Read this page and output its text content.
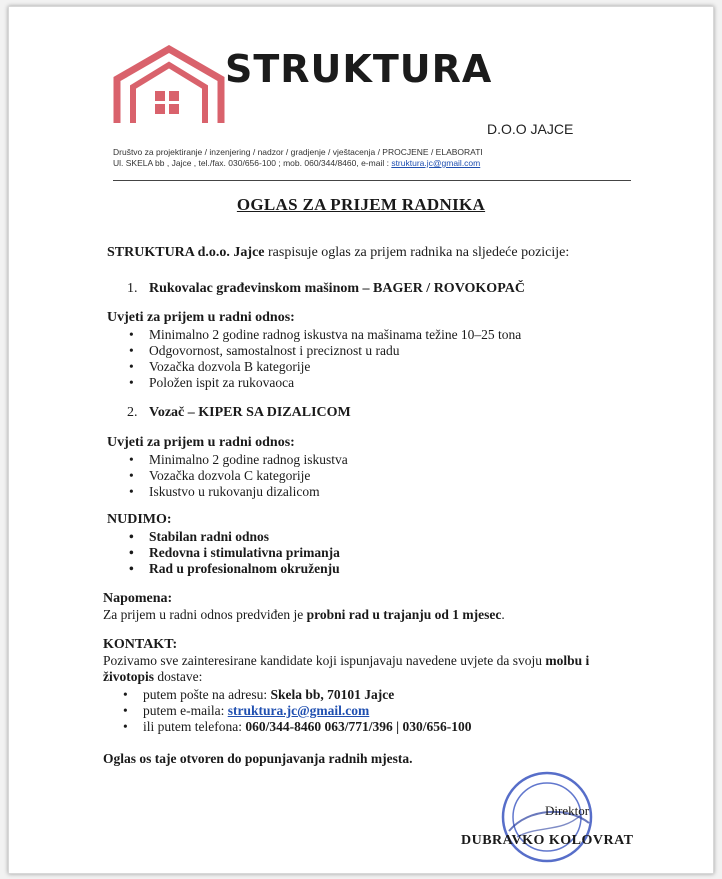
STRUKTURA
D.O.O JAJCE
Društvo za projektiranje / inzenjering / nadzor / gradjenje / vještacenja / PROCJENE / ELABORATI
Ul. SKELA bb , Jajce , tel./fax. 030/656-100 ; mob. 060/344/8460, e-mail : struktura.jc@gmail.com
OGLAS ZA PRIJEM RADNIKA
STRUKTURA d.o.o. Jajce raspisuje oglas za prijem radnika na sljedeće pozicije:
1. Rukovalac građevinskom mašinom – BAGER / ROVOKOPAČ
Uvjeti za prijem u radni odnos:
• Minimalno 2 godine radnog iskustva na mašinama težine 10–25 tona
• Odgovornost, samostalnost i preciznost u radu
• Vozačka dozvola B kategorije
• Položen ispit za rukovaoca
2. Vozač – KIPER SA DIZALICOM
Uvjeti za prijem u radni odnos:
• Minimalno 2 godine radnog iskustva
• Vozačka dozvola C kategorije
• Iskustvo u rukovanju dizalicom
NUDIMO:
• Stabilan radni odnos
• Redovna i stimulativna primanja
• Rad u profesionalnom okruženju
Napomena:
Za prijem u radni odnos predviđen je probni rad u trajanju od 1 mjesec.
KONTAKT:
Pozivamo sve zainteresirane kandidate koji ispunjavaju navedene uvjete da svoju molbu i
životopis dostave:
• putem pošte na adresu: Skela bb, 70101 Jajce
• putem e-maila: struktura.jc@gmail.com
• ili putem telefona: 060/344-8460 063/771/396 | 030/656-100
Oglas os taje otvoren do popunjavanja radnih mjesta.
Direktor
DUBRAVKO KOLOVRAT
